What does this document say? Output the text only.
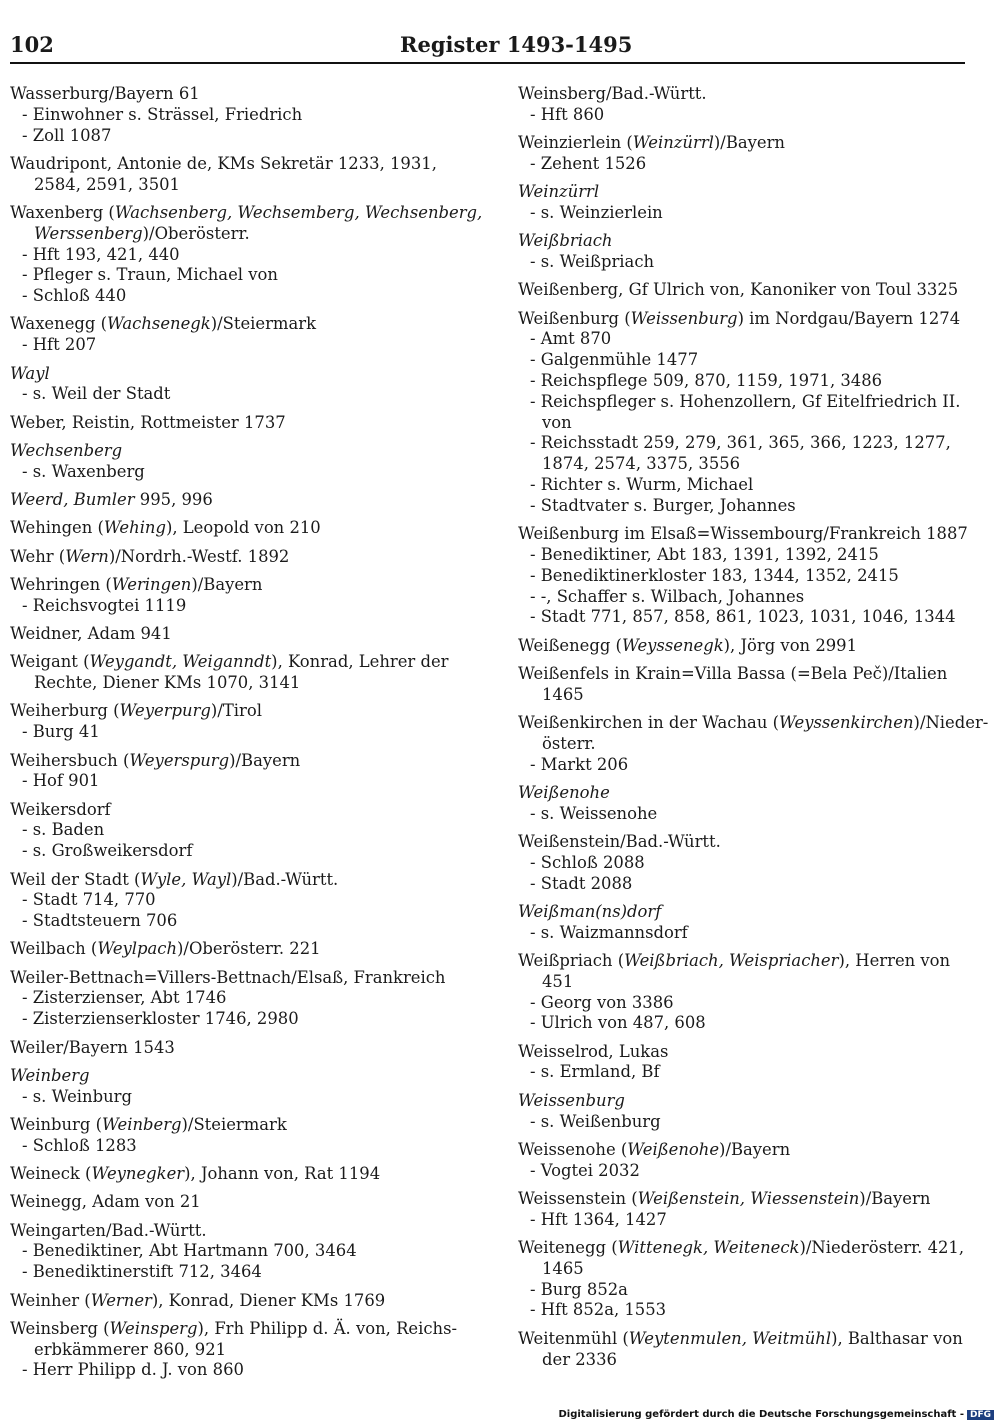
102	Register 1493-1495
Wasserburg/Bayern 61
- Einwohner s. Strässel, Friedrich
- Zoll 1087
Waudripont, Antonie de, KMs Sekretär 1233, 1931,
2584, 2591, 3501
Waxenberg (Wachsenberg, Wechsemberg, Wechsenberg,
Werssenberg)/Oberösterr.
- Hft 193, 421, 440
- Pfleger s. Traun, Michael von
- Schloß 440
Waxenegg (Wachsenegk)/Steiermark
- Hft 207
Wayl
- s. Weil der Stadt
Weber, Reistin, Rottmeister 1737
Wechsenberg
- s. Waxenberg
Weerd, Bumler 995, 996
Wehingen (Wehing), Leopold von 210
Wehr (Wern)/Nordrh.-Westf. 1892
Wehringen (Weringen)/Bayern
- Reichsvogtei 1119
Weidner, Adam 941
Weigant (Weygandt, Weiganndt), Konrad, Lehrer der
Rechte, Diener KMs 1070, 3141
Weiherburg (Weyerpurg)/Tirol
- Burg 41
Weihersbuch (Weyerspurg)/Bayern
- Hof 901
Weikersdorf
- s. Baden
- s. Großweikersdorf
Weil der Stadt (Wyle, Wayl)/Bad.-Württ.
- Stadt 714, 770
- Stadtsteuern 706
Weilbach (Weylpach)/Oberösterr. 221
Weiler-Bettnach=Villers-Bettnach/Elsaß, Frankreich
- Zisterzienser, Abt 1746
- Zisterzienserkloster 1746, 2980
Weiler/Bayern 1543
Weinberg
- s. Weinburg
Weinburg (Weinberg)/Steiermark
- Schloß 1283
Weineck (Weynegker), Johann von, Rat 1194
Weinegg, Adam von 21
Weingarten/Bad.-Württ.
- Benediktiner, Abt Hartmann 700, 3464
- Benediktinerstift 712, 3464
Weinher (Werner), Konrad, Diener KMs 1769
Weinsberg (Weinsperg), Frh Philipp d. Ä. von, Reichs-
erbkämmerer 860, 921
- Herr Philipp d. J. von 860
Weinsberg/Bad.-Württ.
- Hft 860
Weinzierlein (Weinzürrl)/Bayern
- Zehent 1526
Weinzürrl
- s. Weinzierlein
Weißbriach
- s. Weißpriach
Weißenberg, Gf Ulrich von, Kanoniker von Toul 3325
Weißenburg (Weissenburg) im Nordgau/Bayern 1274
- Amt 870
- Galgenmühle 1477
- Reichspflege 509, 870, 1159, 1971, 3486
- Reichspfleger s. Hohenzollern, Gf Eitelfriedrich II.
von
- Reichsstadt 259, 279, 361, 365, 366, 1223, 1277,
1874, 2574, 3375, 3556
- Richter s. Wurm, Michael
- Stadtvater s. Burger, Johannes
Weißenburg im Elsaß=Wissembourg/Frankreich 1887
- Benediktiner, Abt 183, 1391, 1392, 2415
- Benediktinerkloster 183, 1344, 1352, 2415
- -, Schaffer s. Wilbach, Johannes
- Stadt 771, 857, 858, 861, 1023, 1031, 1046, 1344
Weißenegg (Weyssenegk), Jörg von 2991
Weißenfels in Krain=Villa Bassa (=Bela Peč)/Italien
1465
Weißenkirchen in der Wachau (Weyssenkirchen)/Nieder-
österr.
- Markt 206
Weißenohe
- s. Weissenohe
Weißenstein/Bad.-Württ.
- Schloß 2088
- Stadt 2088
Weißman(ns)dorf
- s. Waizmannsdorf
Weißpriach (Weißbriach, Weispriacher), Herren von
451
- Georg von 3386
- Ulrich von 487, 608
Weisselrod, Lukas
- s. Ermland, Bf
Weissenburg
- s. Weißenburg
Weissenohe (Weißenohe)/Bayern
- Vogtei 2032
Weissenstein (Weißenstein, Wiessenstein)/Bayern
- Hft 1364, 1427
Weitenegg (Wittenegk, Weiteneck)/Niederösterr. 421,
1465
- Burg 852a
- Hft 852a, 1553
Weitenmühl (Weytenmulen, Weitmühl), Balthasar von
der 2336
Digitalisierung gefördert durch die Deutsche Forschungsgemeinschaft - DFG
